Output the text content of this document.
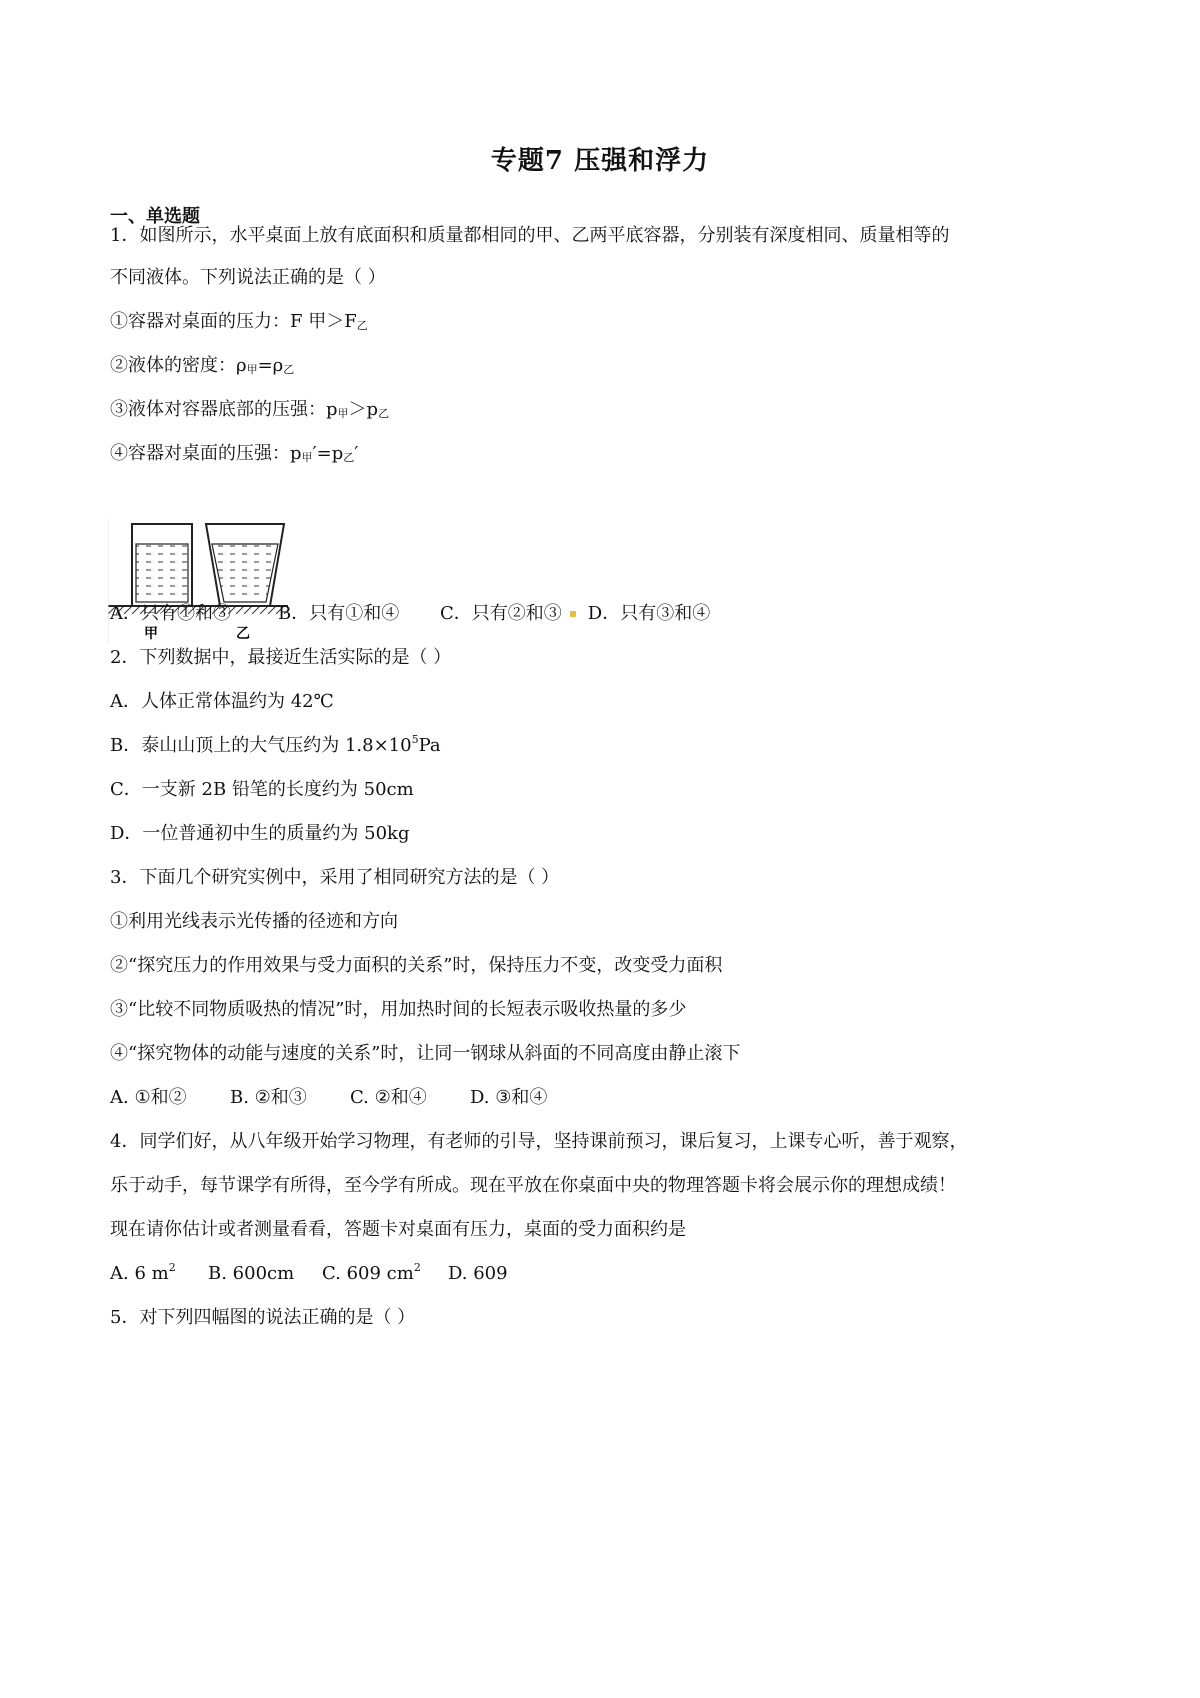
专题7 压强和浮力
一、单选题
1．如图所示，水平桌面上放有底面积和质量都相同的甲、乙两平底容器，分别装有深度相同、质量相等的
不同液体。下列说法正确的是（ ）
①容器对桌面的压力：F 甲＞F乙
②液体的密度：ρ甲=ρ乙
③液体对容器底部的压强：p甲＞p乙
④容器对桌面的压强：p甲′=p乙′
甲	乙
A．只有①和③	B．只有①和④ C．只有②和③ D．只有③和④
2．下列数据中，最接近生活实际的是（ ）
A．人体正常体温约为 42℃
B．泰山山顶上的大气压约为 $1.8\times 10^5Pa$
C．一支新 2B 铅笔的长度约为 50cm
D．一位普通初中生的质量约为 50kg
3．下面几个研究实例中，采用了相同研究方法的是（ ）
①利用光线表示光传播的径迹和方向
②“探究压力的作用效果与受力面积的关系”时，保持压力不变，改变受力面积
③“比较不同物质吸热的情况”时，用加热时间的长短表示吸收热量的多少
④“探究物体的动能与速度的关系”时，让同一钢球从斜面的不同高度由静止滚下
A. ①和② B. ②和③ C. ②和④ D. ③和④
4．同学们好，从八年级开始学习物理，有老师的引导，坚持课前预习，课后复习，上课专心听，善于观察，
乐于动手，每节课学有所得，至今学有所成。现在平放在你桌面中央的物理答题卡将会展示你的理想成绩！
现在请你估计或者测量看看，答题卡对桌面有压力，桌面的受力面积约是
A. 6 $m^2$ B. 600cm C. 609 $cm^2$ D. 609
5．对下列四幅图的说法正确的是（ ）
